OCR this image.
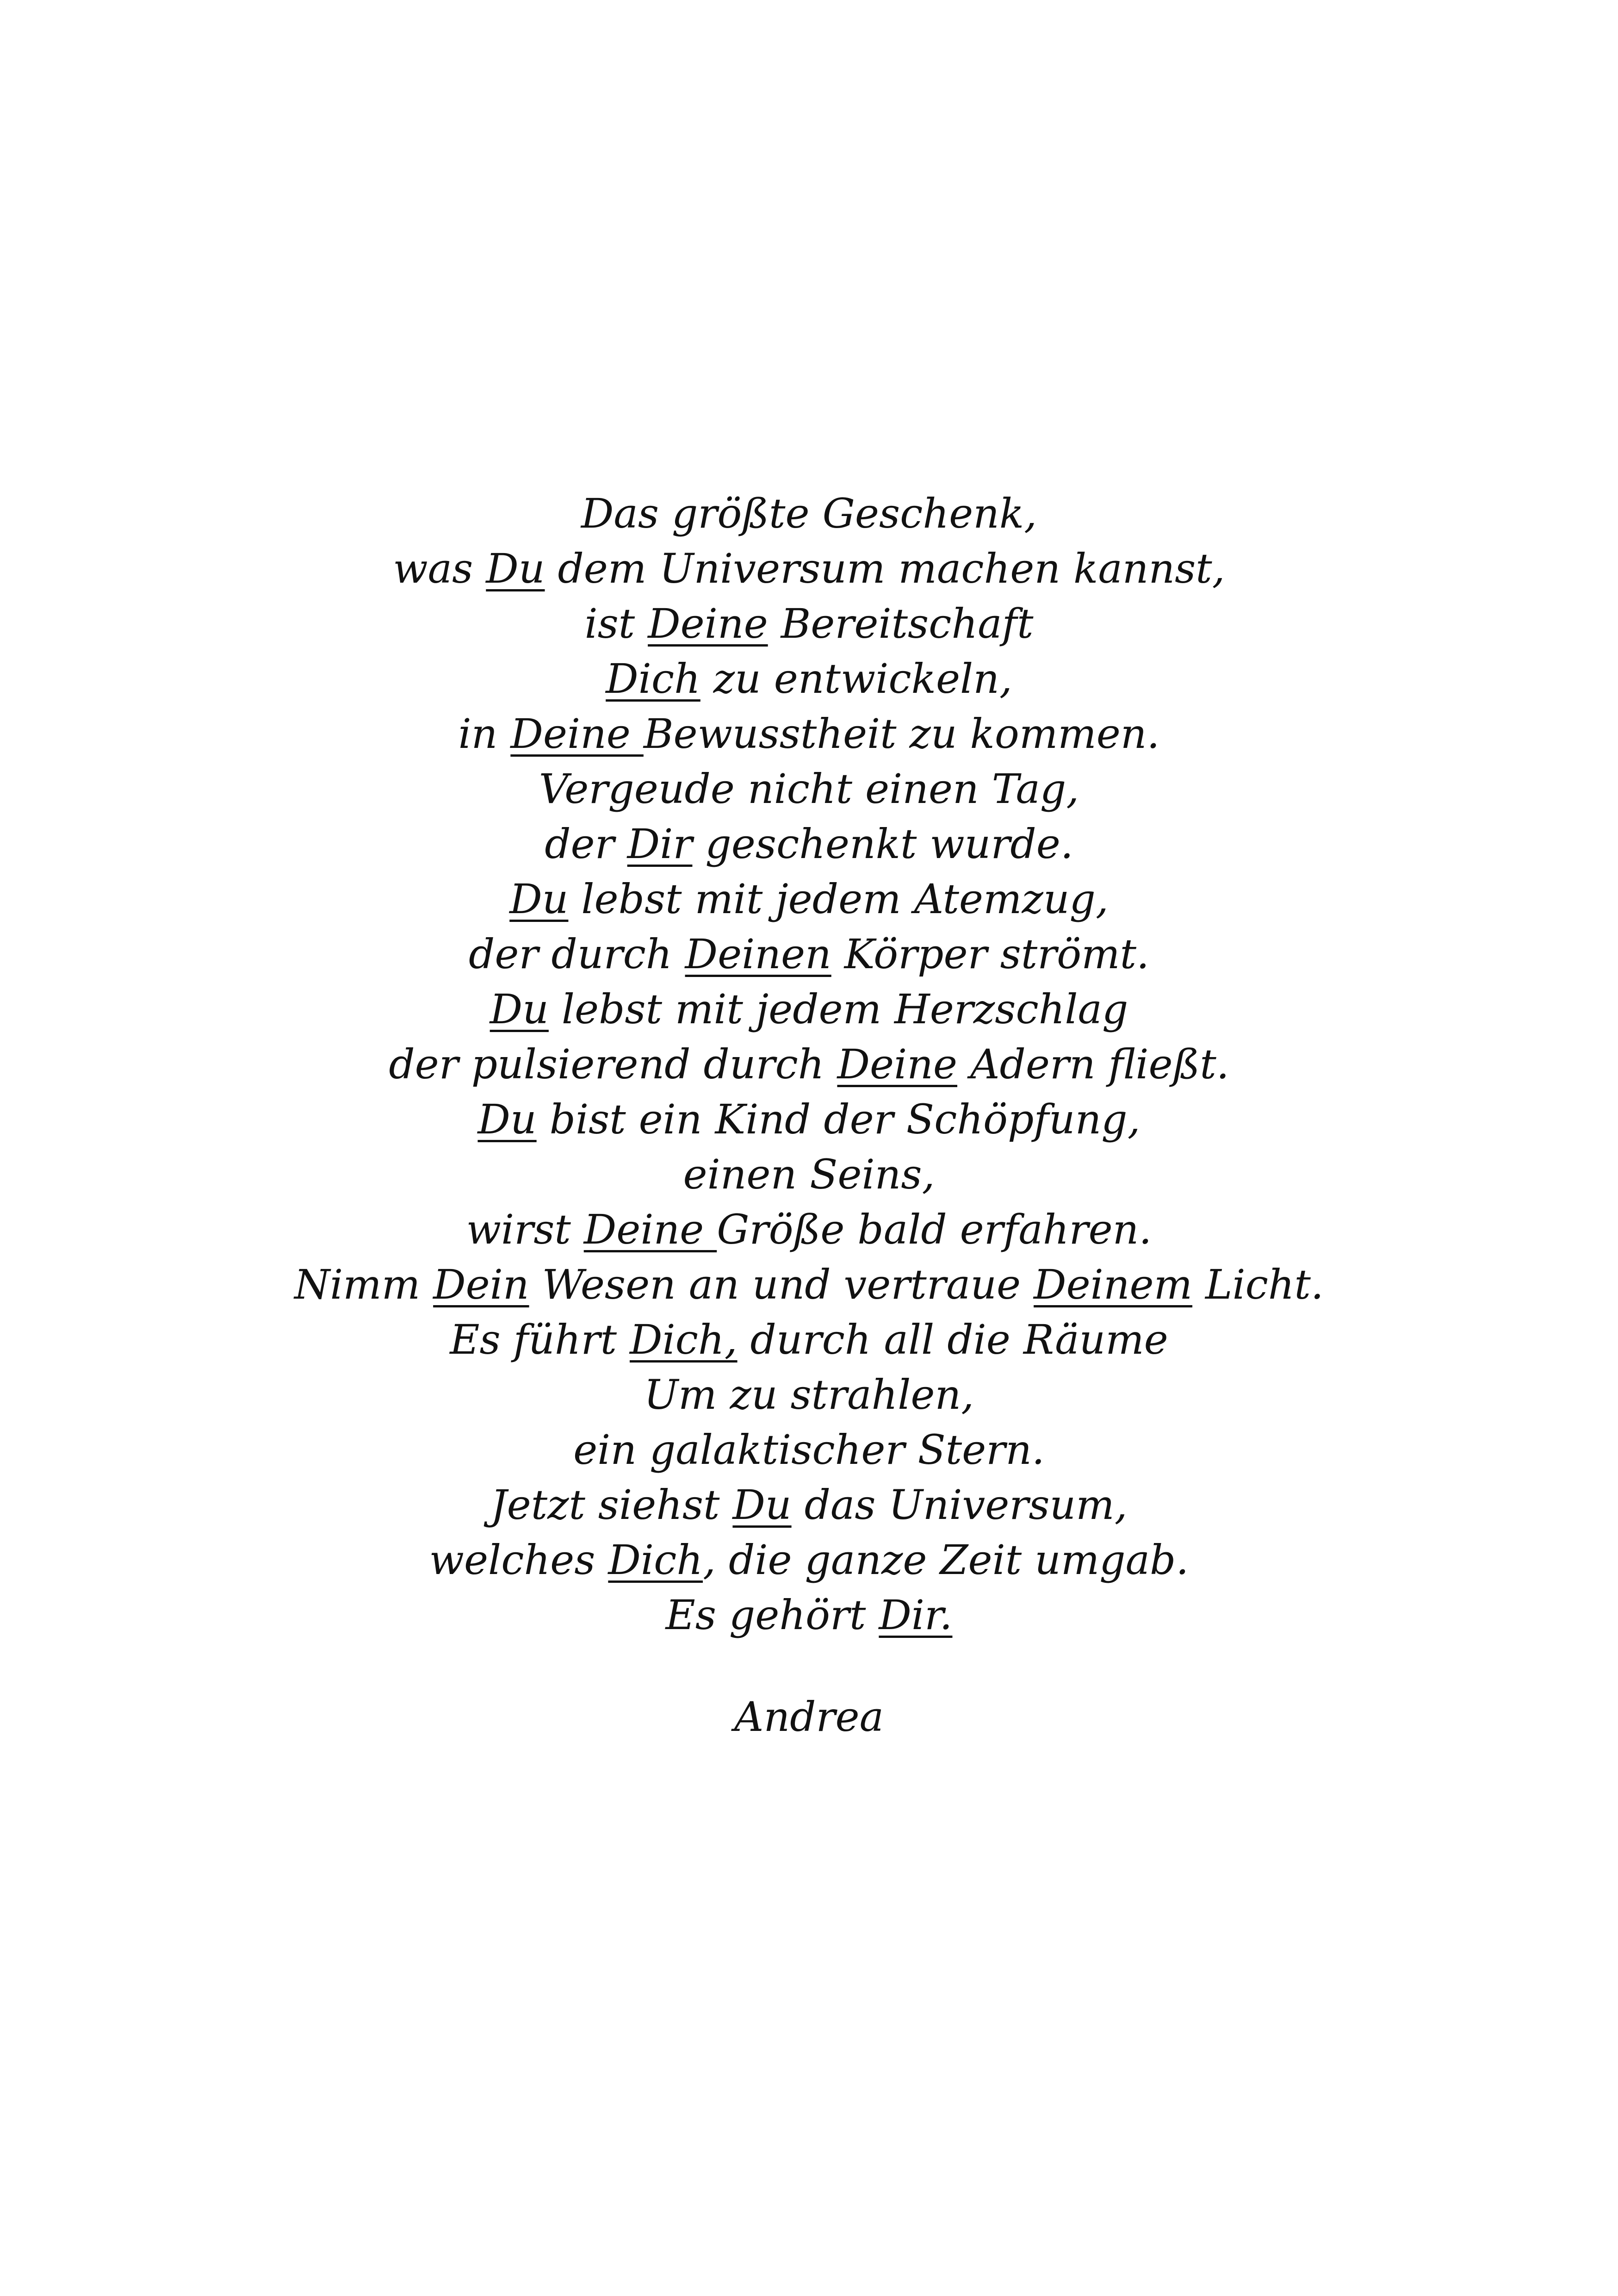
Das größte Geschenk,
was Du dem Universum machen kannst,
ist Deine Bereitschaft
Dich zu entwickeln,
in Deine Bewusstheit zu kommen.
Vergeude nicht einen Tag,
der Dir geschenkt wurde.
Du lebst mit jedem Atemzug,
der durch Deinen Körper strömt.
Du lebst mit jedem Herzschlag
der pulsierend durch Deine Adern fließt.
Du bist ein Kind der Schöpfung,
einen Seins,
wirst Deine Größe bald erfahren.
Nimm Dein Wesen an und vertraue Deinem Licht.
Es führt Dich, durch all die Räume
Um zu strahlen,
ein galaktischer Stern.
Jetzt siehst Du das Universum,
welches Dich, die ganze Zeit umgab.
Es gehört Dir.
Andrea
